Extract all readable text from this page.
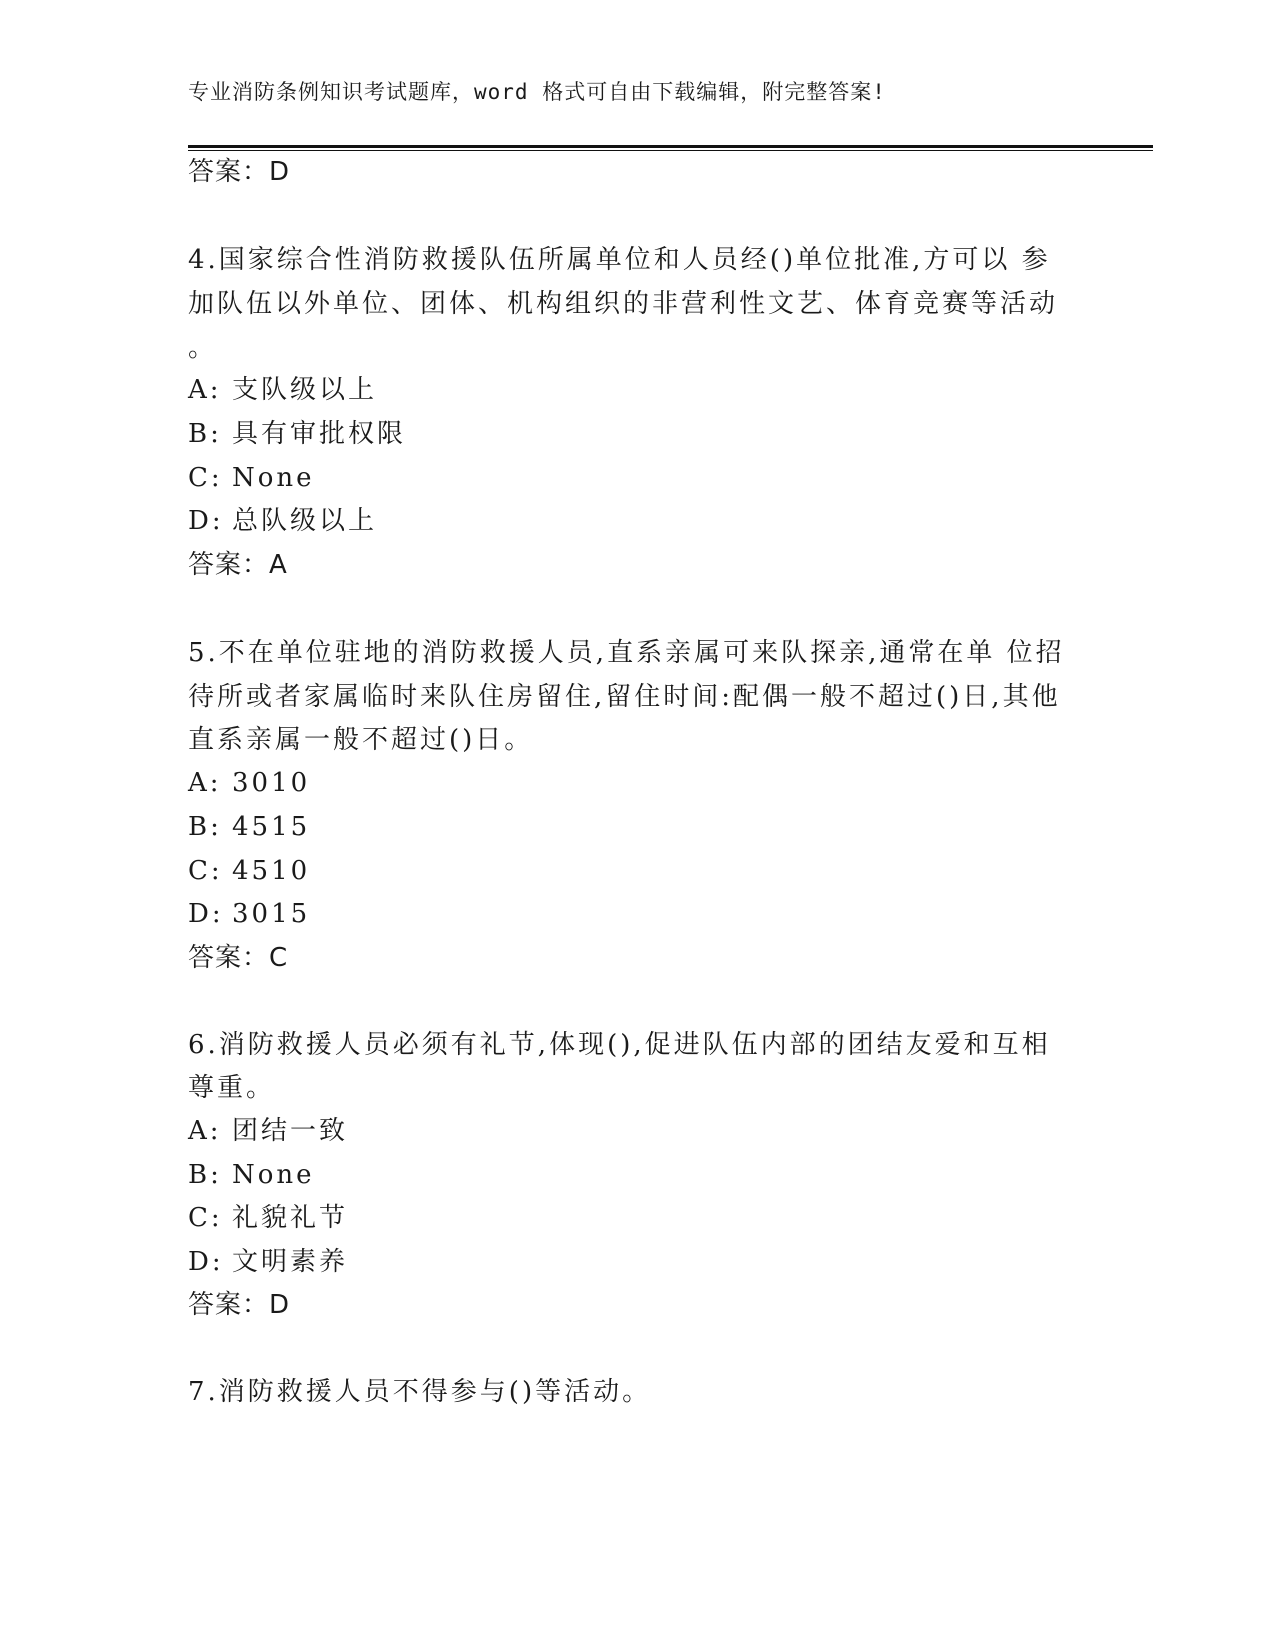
专业消防条例知识考试题库，word 格式可自由下载编辑，附完整答案!
答案：D
4.国家综合性消防救援队伍所属单位和人员经()单位批准,方可以 参
加队伍以外单位、团体、机构组织的非营利性文艺、体育竞赛等活动
。
A: 支队级以上
B: 具有审批权限
C: None
D: 总队级以上
答案：A
5.不在单位驻地的消防救援人员,直系亲属可来队探亲,通常在单 位招
待所或者家属临时来队住房留住,留住时间:配偶一般不超过()日,其他
直系亲属一般不超过()日。
A: 3010
B: 4515
C: 4510
D: 3015
答案：C
6.消防救援人员必须有礼节,体现(),促进队伍内部的团结友爱和互相
尊重。
A: 团结一致
B: None
C: 礼貌礼节
D: 文明素养
答案：D
7.消防救援人员不得参与()等活动。
